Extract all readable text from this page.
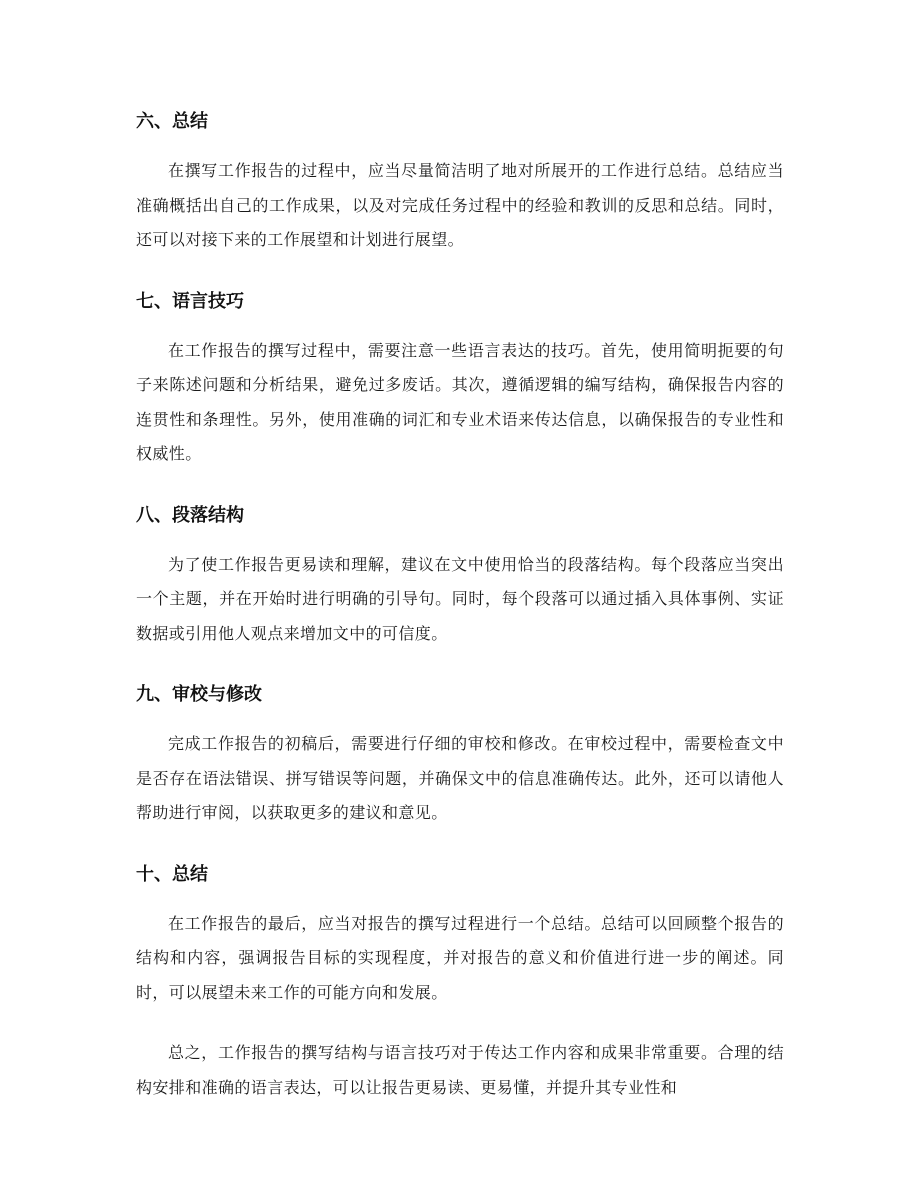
六、总结

在撰写工作报告的过程中，应当尽量简洁明了地对所展开的工作进行总结。总结应当准确概括出自己的工作成果，以及对完成任务过程中的经验和教训的反思和总结。同时，还可以对接下来的工作展望和计划进行展望。

七、语言技巧

在工作报告的撰写过程中，需要注意一些语言表达的技巧。首先，使用简明扼要的句子来陈述问题和分析结果，避免过多废话。其次，遵循逻辑的编写结构，确保报告内容的连贯性和条理性。另外，使用准确的词汇和专业术语来传达信息，以确保报告的专业性和权威性。

八、段落结构

为了使工作报告更易读和理解，建议在文中使用恰当的段落结构。每个段落应当突出一个主题，并在开始时进行明确的引导句。同时，每个段落可以通过插入具体事例、实证数据或引用他人观点来增加文中的可信度。

九、审校与修改

完成工作报告的初稿后，需要进行仔细的审校和修改。在审校过程中，需要检查文中是否存在语法错误、拼写错误等问题，并确保文中的信息准确传达。此外，还可以请他人帮助进行审阅，以获取更多的建议和意见。

十、总结

在工作报告的最后，应当对报告的撰写过程进行一个总结。总结可以回顾整个报告的结构和内容，强调报告目标的实现程度，并对报告的意义和价值进行进一步的阐述。同时，可以展望未来工作的可能方向和发展。

总之，工作报告的撰写结构与语言技巧对于传达工作内容和成果非常重要。合理的结构安排和准确的语言表达，可以让报告更易读、更易懂，并提升其专业性和
